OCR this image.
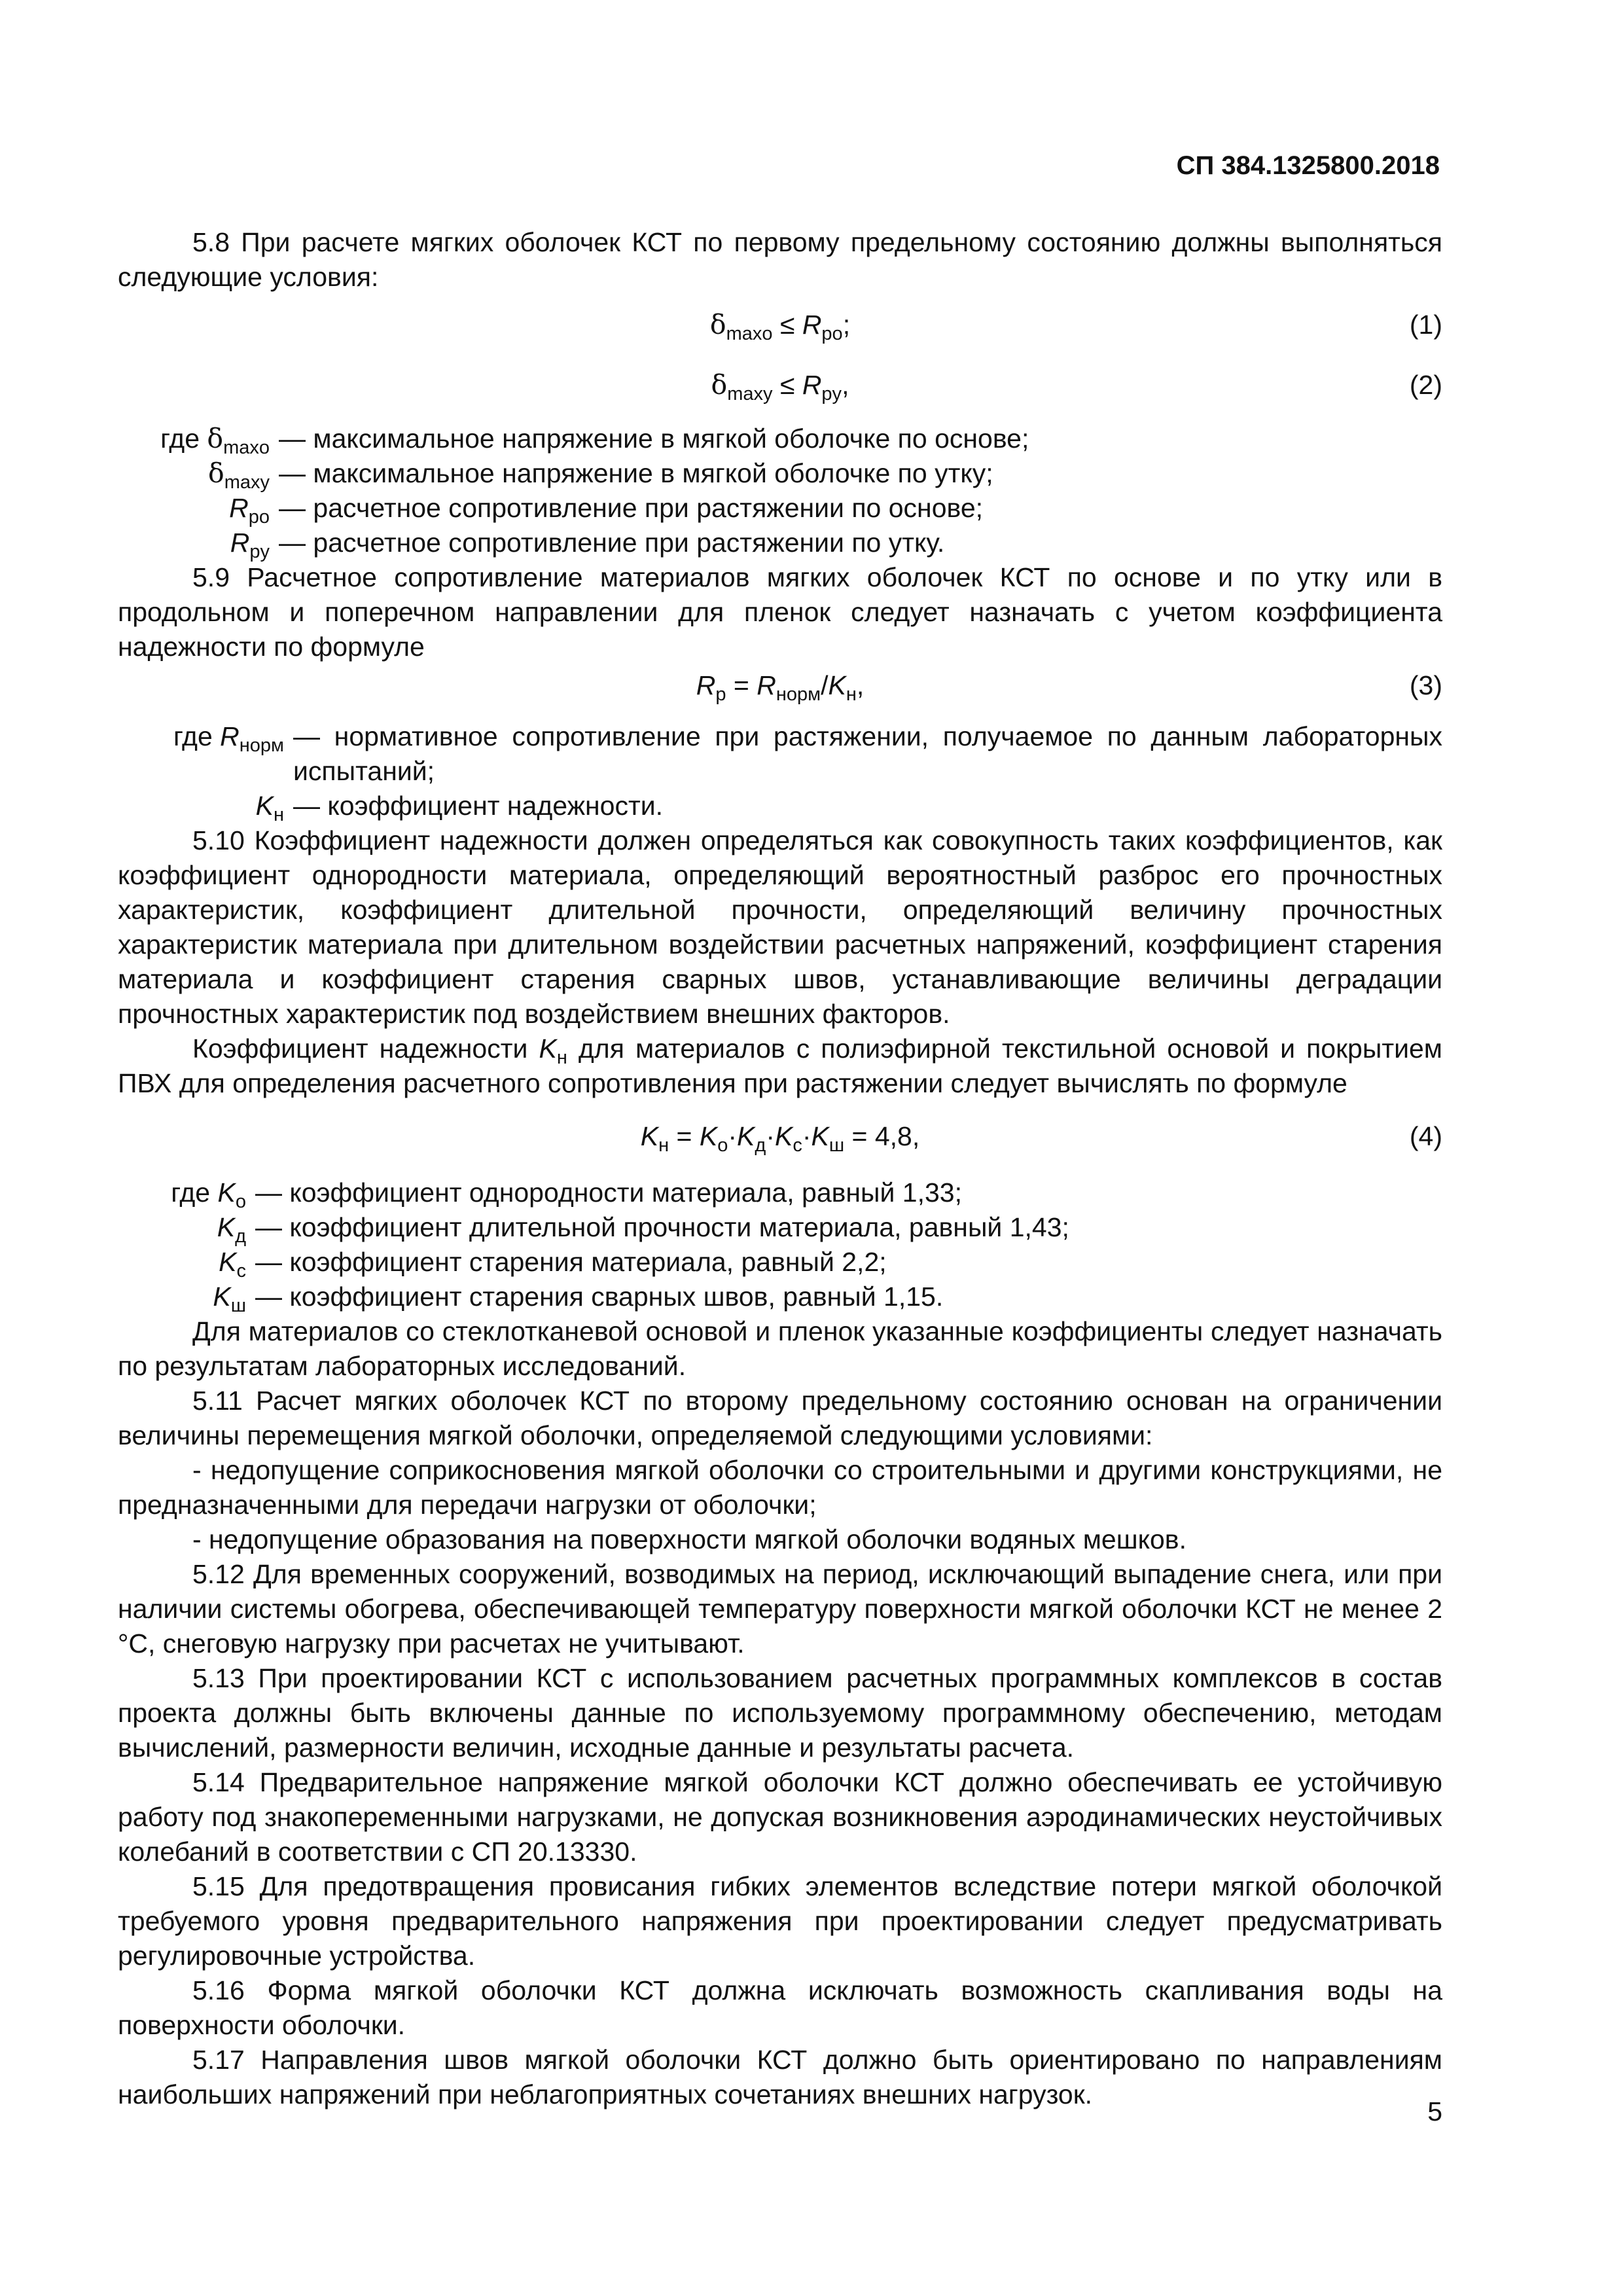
СП 384.1325800.2018

5.8 При расчете мягких оболочек КСТ по первому предельному состоянию должны выполняться следующие условия:

$\delta_{maxo} \le R_{po}$;	(1)
$\delta_{maxy} \le R_{py}$,	(2)
где $\delta_{maxo}$ — максимальное напряжение в мягкой оболочке по основе;
$\delta_{maxy}$ — максимальное напряжение в мягкой оболочке по утку;
$R_{po}$ — расчетное сопротивление при растяжении по основе;
$R_{py}$ — расчетное сопротивление при растяжении по утку.

5.9 Расчетное сопротивление материалов мягких оболочек КСТ по основе и по утку или в продольном и поперечном направлении для пленок следует назначать с учетом коэффициента надежности по формуле

$R_p = R_{норм}/K_н$,	(3)
где $R_{норм}$ — нормативное сопротивление при растяжении, получаемое по данным лабораторных испытаний;
$K_н$ — коэффициент надежности.

5.10 Коэффициент надежности должен определяться как совокупность таких коэффициентов, как коэффициент однородности материала, определяющий вероятностный разброс его прочностных характеристик, коэффициент длительной прочности, определяющий величину прочностных характеристик материала при длительном воздействии расчетных напряжений, коэффициент старения материала и коэффициент старения сварных швов, устанавливающие величины деградации прочностных характеристик под воздействием внешних факторов.

Коэффициент надежности $K_н$ для материалов с полиэфирной текстильной основой и покрытием ПВХ для определения расчетного сопротивления при растяжении следует вычислять по формуле

$K_н = K_о\cdot K_д\cdot K_с\cdot K_ш = 4,8$,	(4)
где $K_о$ — коэффициент однородности материала, равный 1,33;
$K_д$ — коэффициент длительной прочности материала, равный 1,43;
$K_с$ — коэффициент старения материала, равный 2,2;
$K_ш$ — коэффициент старения сварных швов, равный 1,15.

Для материалов со стеклотканевой основой и пленок указанные коэффициенты следует назначать по результатам лабораторных исследований.

5.11 Расчет мягких оболочек КСТ по второму предельному состоянию основан на ограничении величины перемещения мягкой оболочки, определяемой следующими условиями:

- недопущение соприкосновения мягкой оболочки со строительными и другими конструкциями, не предназначенными для передачи нагрузки от оболочки;

- недопущение образования на поверхности мягкой оболочки водяных мешков.

5.12 Для временных сооружений, возводимых на период, исключающий выпадение снега, или при наличии системы обогрева, обеспечивающей температуру поверхности мягкой оболочки КСТ не менее 2 °С, снеговую нагрузку при расчетах не учитывают.

5.13 При проектировании КСТ с использованием расчетных программных комплексов в состав проекта должны быть включены данные по используемому программному обеспечению, методам вычислений, размерности величин, исходные данные и результаты расчета.

5.14 Предварительное напряжение мягкой оболочки КСТ должно обеспечивать ее устойчивую работу под знакопеременными нагрузками, не допуская возникновения аэродинамических неустойчивых колебаний в соответствии с СП 20.13330.

5.15 Для предотвращения провисания гибких элементов вследствие потери мягкой оболочкой требуемого уровня предварительного напряжения при проектировании следует предусматривать регулировочные устройства.

5.16 Форма мягкой оболочки КСТ должна исключать возможность скапливания воды на поверхности оболочки.

5.17 Направления швов мягкой оболочки КСТ должно быть ориентировано по направлениям наибольших напряжений при неблагоприятных сочетаниях внешних нагрузок.

5
